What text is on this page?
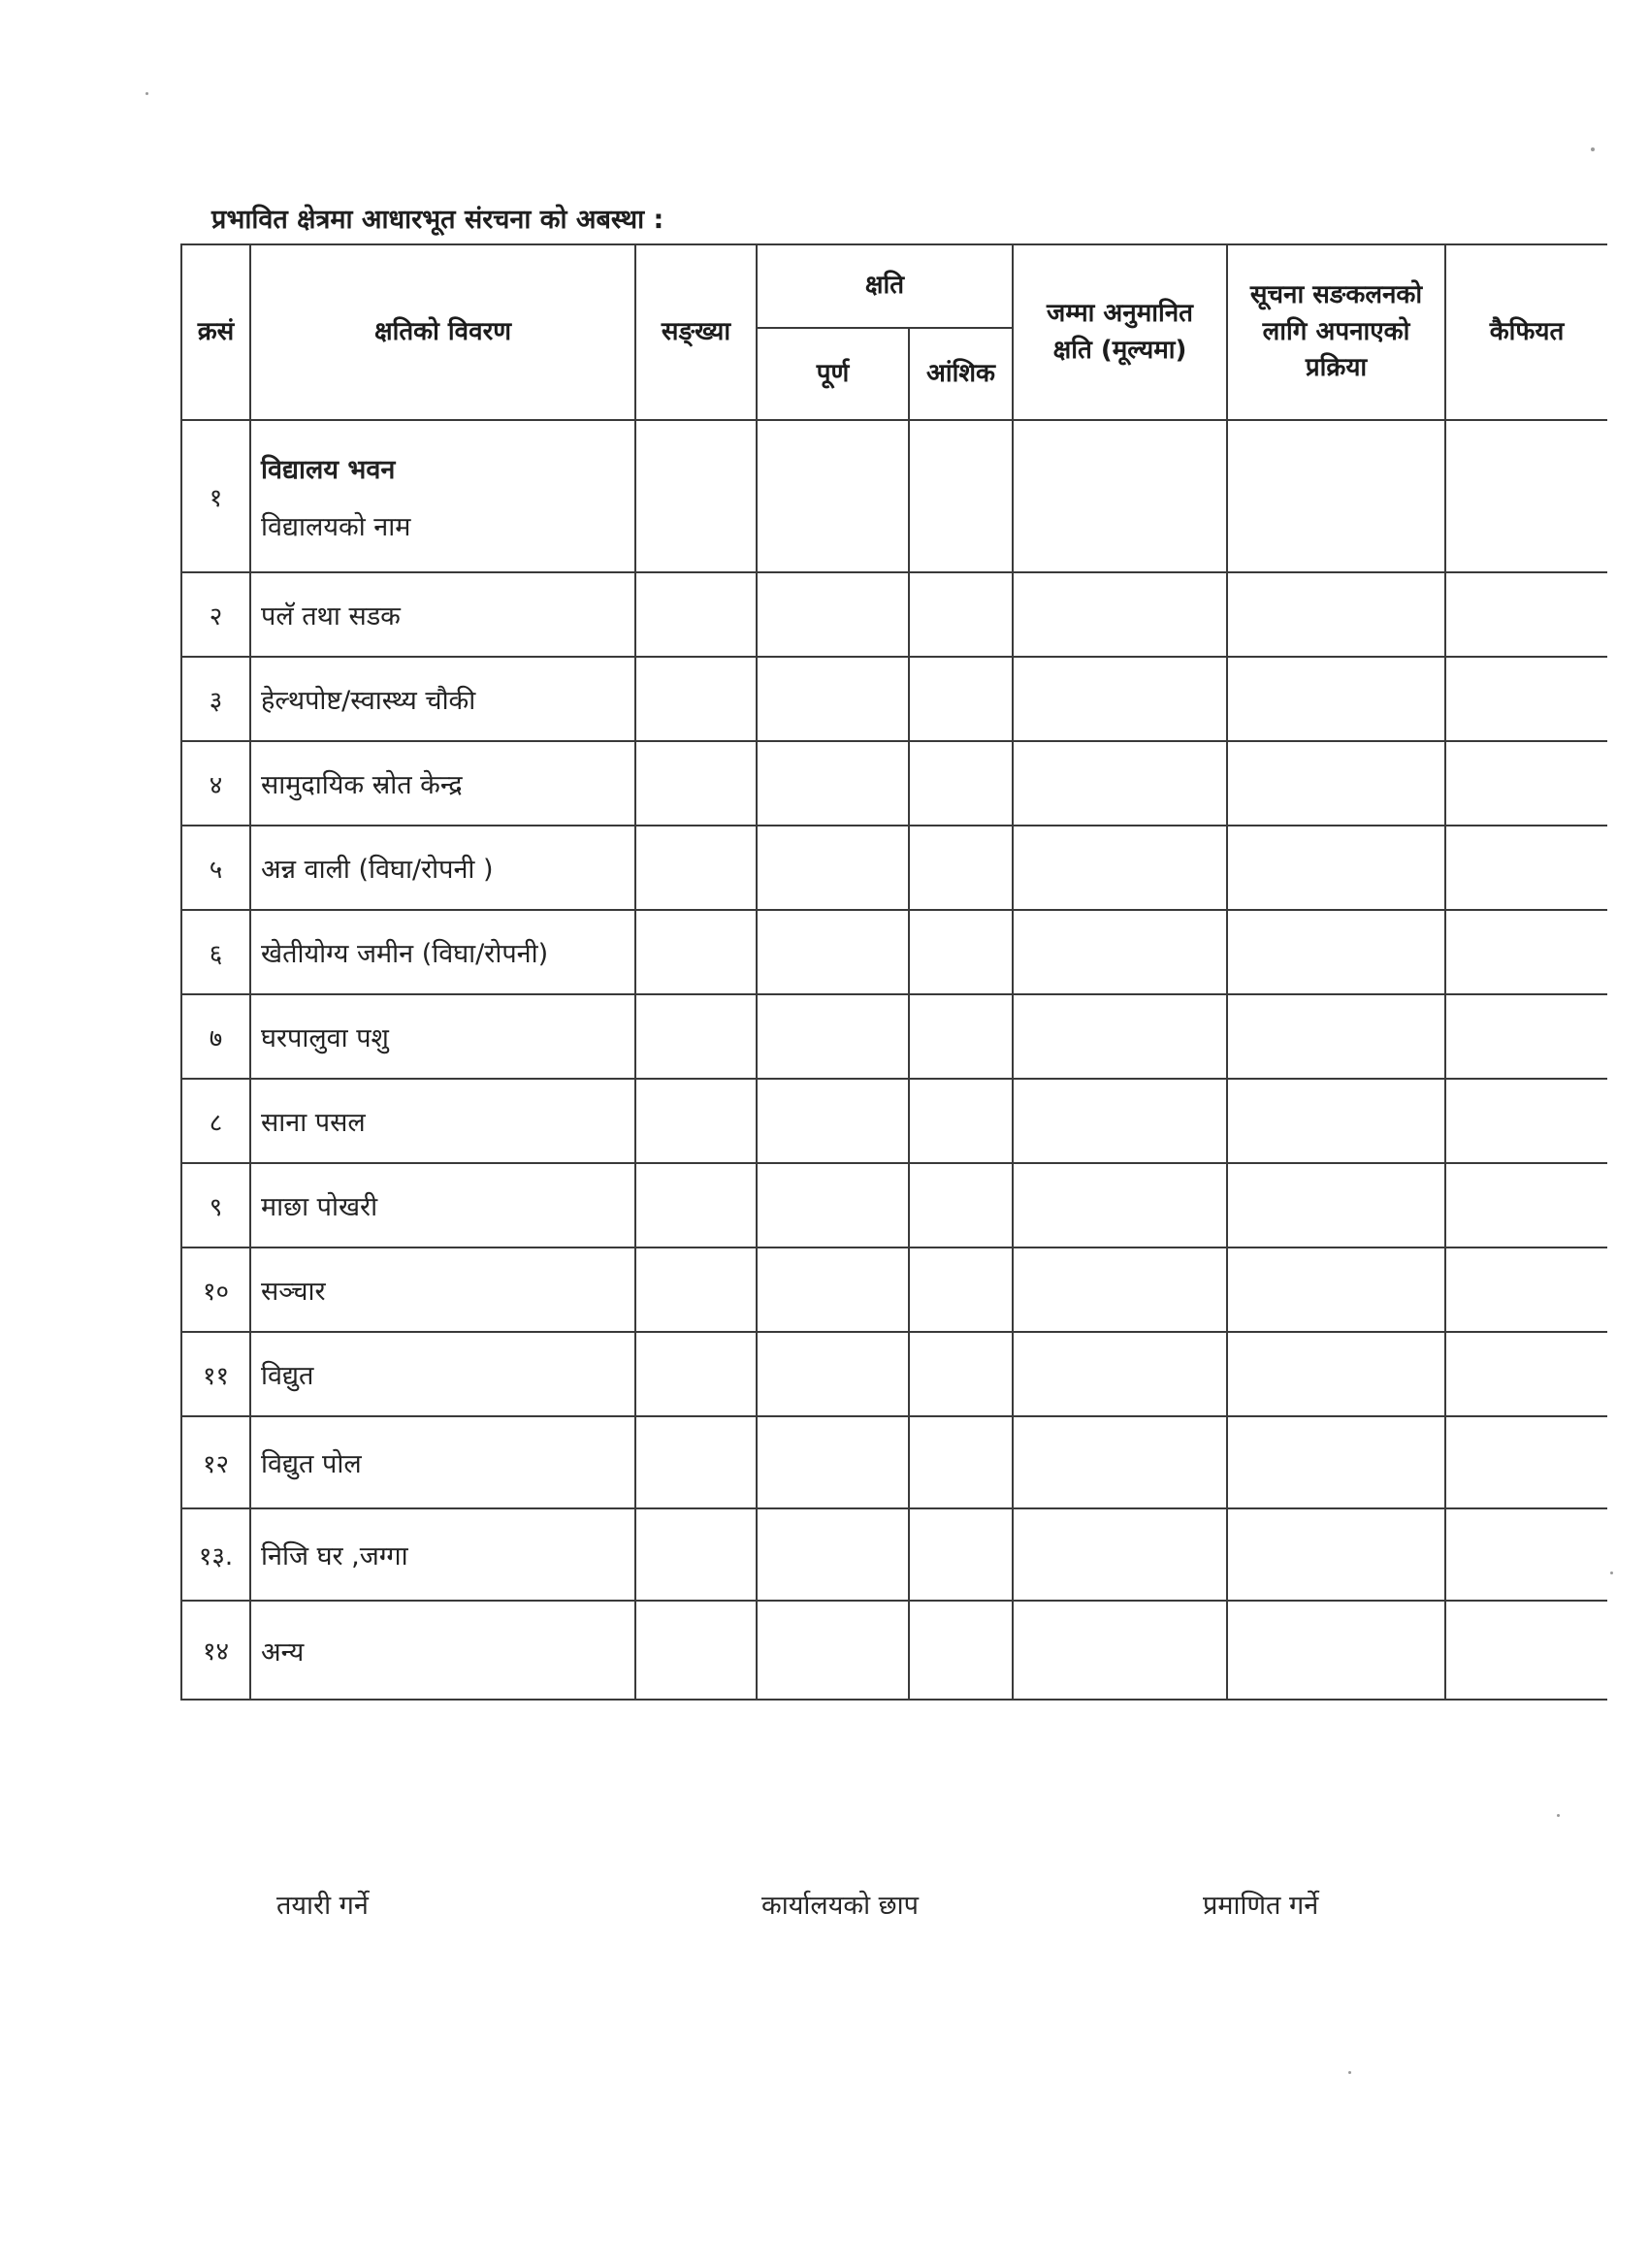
प्रभावित क्षेत्रमा आधारभूत संरचना को अबस्था :
क्रसं	क्षतिको विवरण	सङ्ख्या	क्षति		जम्मा अनुमानित क्षति (मूल्यमा)	सूचना सङकलनको लागि अपनाएको प्रक्रिया	कैफियत
			पूर्ण	आंशिक			
१	विद्यालय भवन
विद्यालयको नाम						

२	पलॅ तथा सडक						
३	हेल्थपोष्ट/स्वास्थ्य चौकी						
४	सामुदायिक स्रोत केन्द्र						
५	अन्न वाली (विघा/रोपनी )						
६	खेतीयोग्य जमीन (विघा/रोपनी)						
७	घरपालुवा पशु						
८	साना पसल						
९	माछा पोखरी						
१०	सञ्चार						
११	विद्युत						
१२	विद्युत पोल						
१३.	निजि घर ,जग्गा						
१४	अन्य						
तयारी गर्ने	कार्यालयको छाप	प्रमाणित गर्ने
